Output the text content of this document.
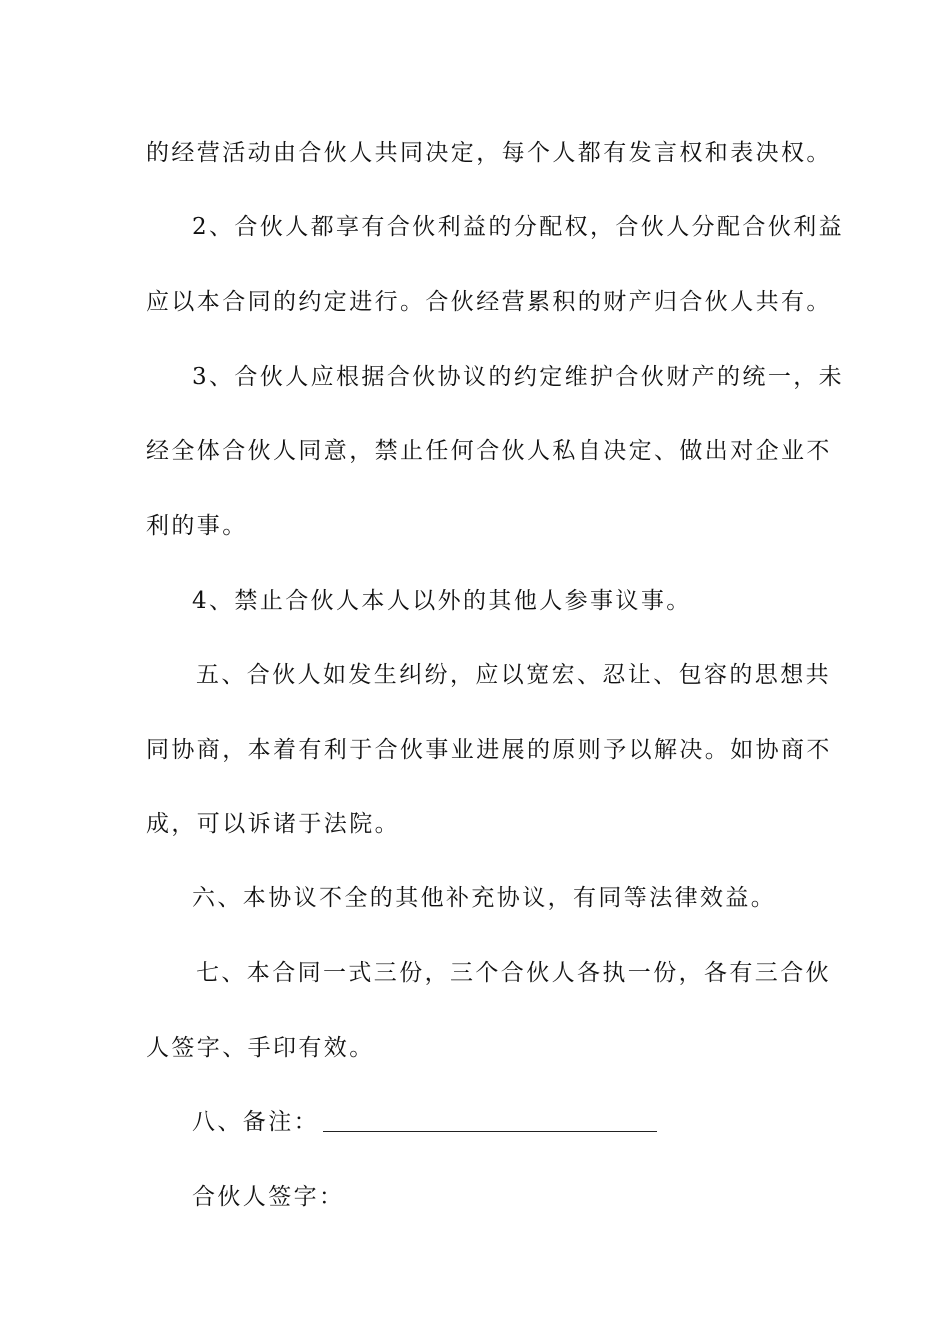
的经营活动由合伙人共同决定，每个人都有发言权和表决权。
2、合伙人都享有合伙利益的分配权，合伙人分配合伙利益
应以本合同的约定进行。合伙经营累积的财产归合伙人共有。
3、合伙人应根据合伙协议的约定维护合伙财产的统一，未
经全体合伙人同意，禁止任何合伙人私自决定、做出对企业不
利的事。
4、禁止合伙人本人以外的其他人参事议事。
五、合伙人如发生纠纷，应以宽宏、忍让、包容的思想共
同协商，本着有利于合伙事业进展的原则予以解决。如协商不
成，可以诉诸于法院。
六、本协议不全的其他补充协议，有同等法律效益。
七、本合同一式三份，三个合伙人各执一份，各有三合伙
人签字、手印有效。
八、备注：
合伙人签字：
